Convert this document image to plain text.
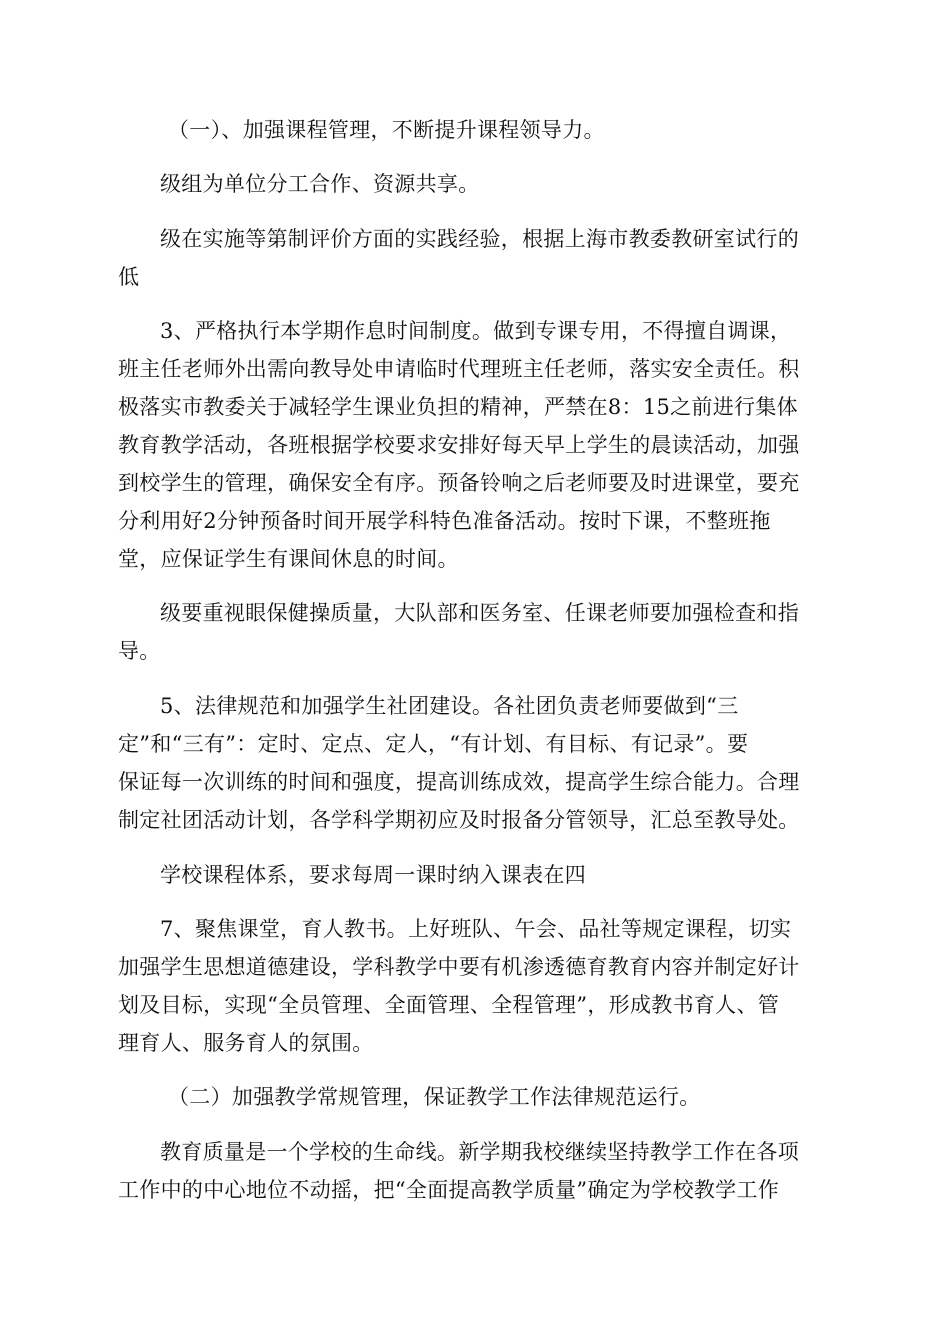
（一）、加强课程管理，不断提升课程领导力。

级组为单位分工合作、资源共享。

级在实施等第制评价方面的实践经验，根据上海市教委教研室试行的
低

3、严格执行本学期作息时间制度。做到专课专用，不得擅自调课，
班主任老师外出需向教导处申请临时代理班主任老师，落实安全责任。积
极落实市教委关于减轻学生课业负担的精神，严禁在8：15之前进行集体
教育教学活动，各班根据学校要求安排好每天早上学生的晨读活动，加强
到校学生的管理，确保安全有序。预备铃响之后老师要及时进课堂，要充
分利用好2分钟预备时间开展学科特色准备活动。按时下课，不整班拖
堂，应保证学生有课间休息的时间。

级要重视眼保健操质量，大队部和医务室、任课老师要加强检查和指
导。

5、法律规范和加强学生社团建设。各社团负责老师要做到“三
定”和“三有”：定时、定点、定人，“有计划、有目标、有记录”。要
保证每一次训练的时间和强度，提高训练成效，提高学生综合能力。合理
制定社团活动计划，各学科学期初应及时报备分管领导，汇总至教导处。

学校课程体系，要求每周一课时纳入课表在四

7、聚焦课堂，育人教书。上好班队、午会、品社等规定课程，切实
加强学生思想道德建设，学科教学中要有机渗透德育教育内容并制定好计
划及目标，实现“全员管理、全面管理、全程管理”，形成教书育人、管
理育人、服务育人的氛围。

（二）加强教学常规管理，保证教学工作法律规范运行。

教育质量是一个学校的生命线。新学期我校继续坚持教学工作在各项
工作中的中心地位不动摇，把“全面提高教学质量”确定为学校教学工作
